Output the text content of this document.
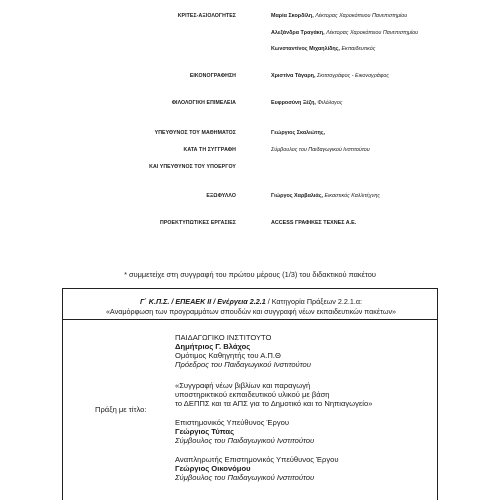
ΚΡΙΤΕΣ-ΑΞΙΟΛΟΓΗΤΕΣ	Μαρία Σκορδίλη, Λέκτορας Χαροκόπειου Πανεπιστημίου
Αλεξάνδρα Τραγάκη, Λέκτορας Χαροκόπειου Πανεπιστημίου
Κωνσταντίνος Μιχαηλίδης, Εκπαιδευτικός
ΕΙΚΟΝΟΓΡΑΦΗΣΗ	Χριστίνα Τάγαρη, Σκιτσογράφος - Εικονογράφος
ΦΙΛΟΛΟΓΙΚΗ ΕΠΙΜΕΛΕΙΑ	Ευφροσύνη Ξέζη, Φιλόλογος
ΥΠΕΥΘΥΝΟΣ ΤΟΥ ΜΑΘΗΜΑΤΟΣ	Γεώργιος Σκαλιώτης,
ΚΑΤΑ ΤΗ ΣΥΓΓΡΑΦΗ	Σύμβουλος του Παιδαγωγικού Ινστιτούτου
ΚΑΙ ΥΠΕΥΘΥΝΟΣ ΤΟΥ ΥΠΟΕΡΓΟΥ
ΕΞΩΦΥΛΛΟ	Γιώργος Χαρβαλιάς, Εικαστικός Καλλιτέχνης
ΠΡΟΕΚΤΥΠΩΤΙΚΕΣ ΕΡΓΑΣΙΕΣ	ACCESS ΓΡΑΦΙΚΕΣ ΤΕΧΝΕΣ Α.Ε.
* συμμετείχε στη συγγραφή του πρώτου μέρους (1/3) του διδακτικού πακέτου
Γ΄ Κ.Π.Σ. / ΕΠΕΑΕΚ ΙΙ / Ενέργεια 2.2.1 / Κατηγορία Πράξεων 2.2.1.α:
«Αναμόρφωση των προγραμμάτων σπουδών και συγγραφή νέων εκπαιδευτικών πακέτων»
Πράξη με τίτλο:
ΠΑΙΔΑΓΩΓΙΚΟ ΙΝΣΤΙΤΟΥΤΟ
Δημήτριος Γ. Βλάχος
Ομότιμος Καθηγητής του Α.Π.Θ
Πρόεδρος του Παιδαγωγικού Ινστιτούτου
«Συγγραφή νέων βιβλίων και παραγωγή
υποστηρικτικού εκπαιδευτικού υλικού με βάση
το ΔΕΠΠΣ και τα ΑΠΣ για το Δημοτικό και το Νηπιαγωγείο»
Επιστημονικός Υπεύθυνος Έργου
Γεώργιος Τύπας
Σύμβουλος του Παιδαγωγικού Ινστιτούτου
Αναπληρωτής Επιστημονικός Υπεύθυνος Έργου
Γεώργιος Οικονόμου
Σύμβουλος του Παιδαγωγικού Ινστιτούτου
